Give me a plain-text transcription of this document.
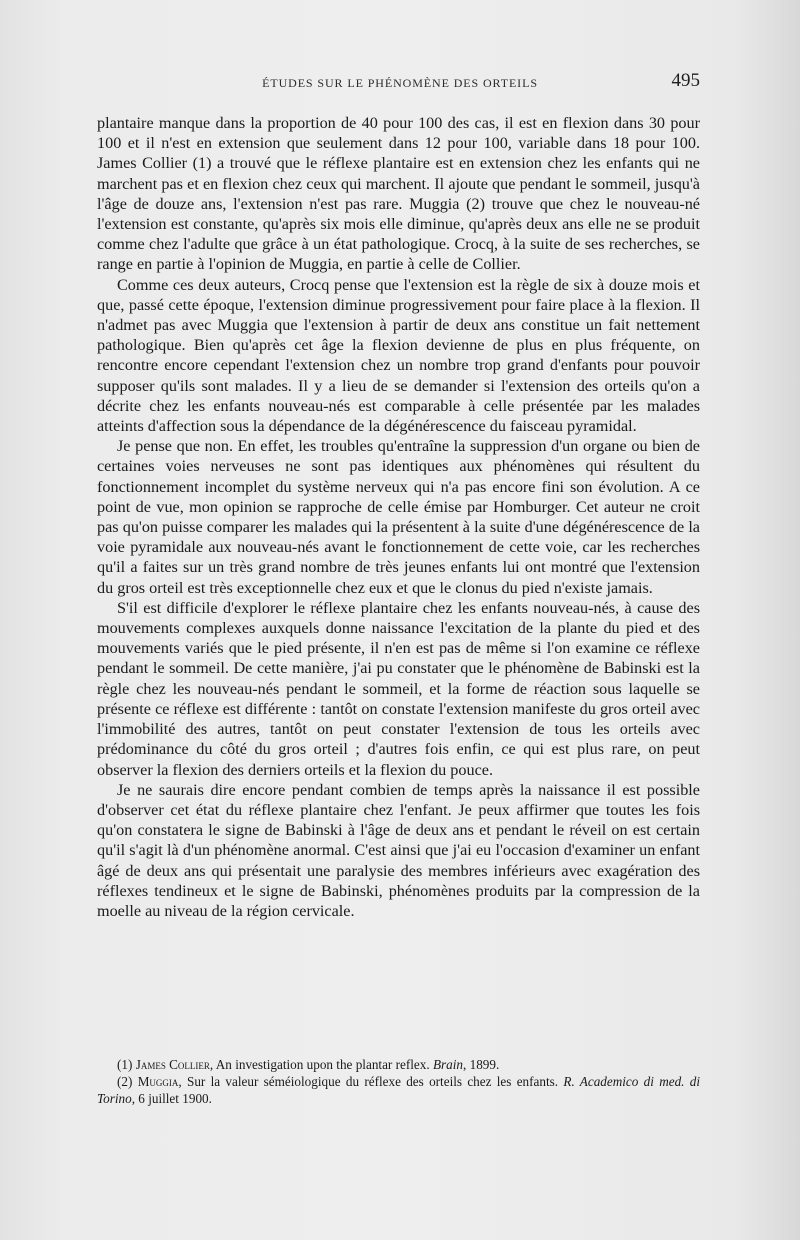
ÉTUDES SUR LE PHÉNOMÈNE DES ORTEILS	495

plantaire manque dans la proportion de 40 pour 100 des cas, il est en flexion dans 30 pour 100 et il n'est en extension que seulement dans 12 pour 100, variable dans 18 pour 100. James Collier (1) a trouvé que le réflexe plantaire est en extension chez les enfants qui ne marchent pas et en flexion chez ceux qui marchent. Il ajoute que pendant le sommeil, jusqu'à l'âge de douze ans, l'extension n'est pas rare. Muggia (2) trouve que chez le nouveau-né l'extension est constante, qu'après six mois elle diminue, qu'après deux ans elle ne se produit comme chez l'adulte que grâce à un état pathologique. Crocq, à la suite de ses recherches, se range en partie à l'opinion de Muggia, en partie à celle de Collier.

Comme ces deux auteurs, Crocq pense que l'extension est la règle de six à douze mois et que, passé cette époque, l'extension diminue progressivement pour faire place à la flexion. Il n'admet pas avec Muggia que l'extension à partir de deux ans constitue un fait nettement pathologique. Bien qu'après cet âge la flexion devienne de plus en plus fréquente, on rencontre encore cependant l'extension chez un nombre trop grand d'enfants pour pouvoir supposer qu'ils sont malades. Il y a lieu de se demander si l'extension des orteils qu'on a décrite chez les enfants nouveau-nés est comparable à celle présentée par les malades atteints d'affection sous la dépendance de la dégénérescence du faisceau pyramidal.

Je pense que non. En effet, les troubles qu'entraîne la suppression d'un organe ou bien de certaines voies nerveuses ne sont pas identiques aux phénomènes qui résultent du fonctionnement incomplet du système nerveux qui n'a pas encore fini son évolution. A ce point de vue, mon opinion se rapproche de celle émise par Homburger. Cet auteur ne croit pas qu'on puisse comparer les malades qui la présentent à la suite d'une dégénérescence de la voie pyramidale aux nouveau-nés avant le fonctionnement de cette voie, car les recherches qu'il a faites sur un très grand nombre de très jeunes enfants lui ont montré que l'extension du gros orteil est très exceptionnelle chez eux et que le clonus du pied n'existe jamais.

S'il est difficile d'explorer le réflexe plantaire chez les enfants nouveau-nés, à cause des mouvements complexes auxquels donne naissance l'excitation de la plante du pied et des mouvements variés que le pied présente, il n'en est pas de même si l'on examine ce réflexe pendant le sommeil. De cette manière, j'ai pu constater que le phénomène de Babinski est la règle chez les nouveau-nés pendant le sommeil, et la forme de réaction sous laquelle se présente ce réflexe est différente : tantôt on constate l'extension manifeste du gros orteil avec l'immobilité des autres, tantôt on peut constater l'extension de tous les orteils avec prédominance du côté du gros orteil ; d'autres fois enfin, ce qui est plus rare, on peut observer la flexion des derniers orteils et la flexion du pouce.

Je ne saurais dire encore pendant combien de temps après la naissance il est possible d'observer cet état du réflexe plantaire chez l'enfant. Je peux affirmer que toutes les fois qu'on constatera le signe de Babinski à l'âge de deux ans et pendant le réveil on est certain qu'il s'agit là d'un phénomène anormal. C'est ainsi que j'ai eu l'occasion d'examiner un enfant âgé de deux ans qui présentait une paralysie des membres inférieurs avec exagération des réflexes tendineux et le signe de Babinski, phénomènes produits par la compression de la moelle au niveau de la région cervicale.

(1) James Collier, An investigation upon the plantar reflex. Brain, 1899.

(2) Muggia, Sur la valeur séméiologique du réflexe des orteils chez les enfants. R. Academico di med. di Torino, 6 juillet 1900.
